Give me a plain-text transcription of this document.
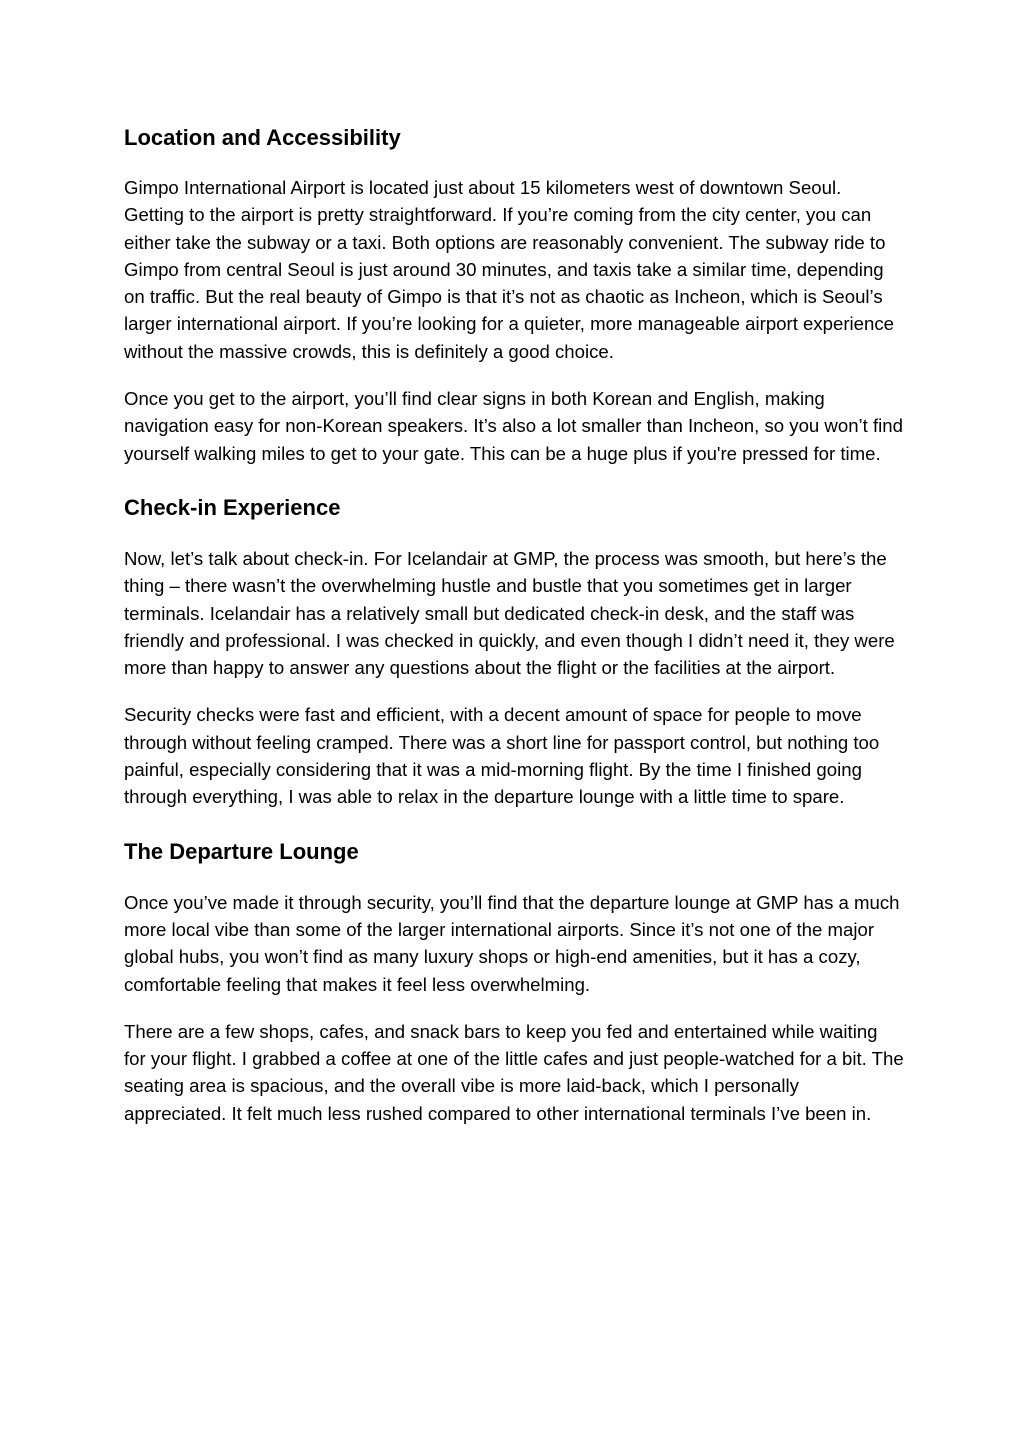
Location and Accessibility

Gimpo International Airport is located just about 15 kilometers west of downtown Seoul. Getting to the airport is pretty straightforward. If you’re coming from the city center, you can either take the subway or a taxi. Both options are reasonably convenient. The subway ride to Gimpo from central Seoul is just around 30 minutes, and taxis take a similar time, depending on traffic. But the real beauty of Gimpo is that it’s not as chaotic as Incheon, which is Seoul’s larger international airport. If you’re looking for a quieter, more manageable airport experience without the massive crowds, this is definitely a good choice.

Once you get to the airport, you’ll find clear signs in both Korean and English, making navigation easy for non-Korean speakers. It’s also a lot smaller than Incheon, so you won’t find yourself walking miles to get to your gate. This can be a huge plus if you're pressed for time.

Check-in Experience

Now, let’s talk about check-in. For Icelandair at GMP, the process was smooth, but here’s the thing – there wasn’t the overwhelming hustle and bustle that you sometimes get in larger terminals. Icelandair has a relatively small but dedicated check-in desk, and the staff was friendly and professional. I was checked in quickly, and even though I didn’t need it, they were more than happy to answer any questions about the flight or the facilities at the airport.

Security checks were fast and efficient, with a decent amount of space for people to move through without feeling cramped. There was a short line for passport control, but nothing too painful, especially considering that it was a mid-morning flight. By the time I finished going through everything, I was able to relax in the departure lounge with a little time to spare.

The Departure Lounge

Once you’ve made it through security, you’ll find that the departure lounge at GMP has a much more local vibe than some of the larger international airports. Since it’s not one of the major global hubs, you won’t find as many luxury shops or high-end amenities, but it has a cozy, comfortable feeling that makes it feel less overwhelming.

There are a few shops, cafes, and snack bars to keep you fed and entertained while waiting for your flight. I grabbed a coffee at one of the little cafes and just people-watched for a bit. The seating area is spacious, and the overall vibe is more laid-back, which I personally appreciated. It felt much less rushed compared to other international terminals I’ve been in.
